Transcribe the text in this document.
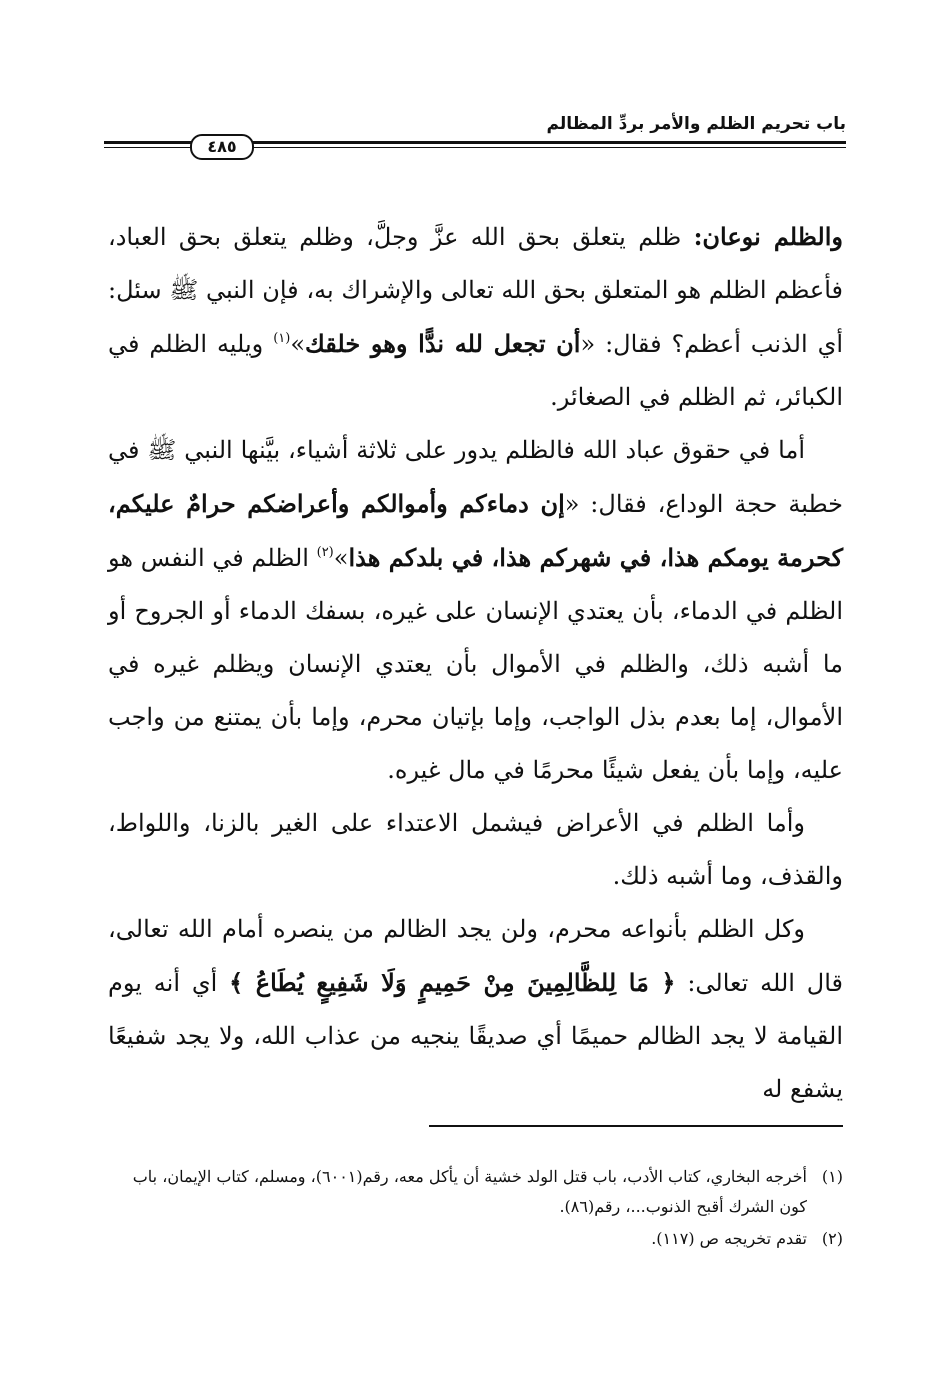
باب تحريم الظلم والأمر بردِّ المظالم
٤٨٥

والظلم نوعان: ظلم يتعلق بحق الله عزَّ وجلَّ، وظلم يتعلق بحق العباد، فأعظم الظلم هو المتعلق بحق الله تعالى والإشراك به، فإن النبي ﷺ سئل: أي الذنب أعظم؟ فقال: «أن تجعل لله ندًّا وهو خلقك»$^{(١)}$ ويليه الظلم في الكبائر، ثم الظلم في الصغائر.

أما في حقوق عباد الله فالظلم يدور على ثلاثة أشياء، بيَّنها النبي ﷺ في خطبة حجة الوداع، فقال: «إن دماءكم وأموالكم وأعراضكم حرامٌ عليكم، كحرمة يومكم هذا، في شهركم هذا، في بلدكم هذا»$^{(٢)}$ الظلم في النفس هو الظلم في الدماء، بأن يعتدي الإنسان على غيره، بسفك الدماء أو الجروح أو ما أشبه ذلك، والظلم في الأموال بأن يعتدي الإنسان ويظلم غيره في الأموال، إما بعدم بذل الواجب، وإما بإتيان محرم، وإما بأن يمتنع من واجب عليه، وإما بأن يفعل شيئًا محرمًا في مال غيره.

وأما الظلم في الأعراض فيشمل الاعتداء على الغير بالزنا، واللواط، والقذف، وما أشبه ذلك.

وكل الظلم بأنواعه محرم، ولن يجد الظالم من ينصره أمام الله تعالى، قال الله تعالى: ﴿ مَا لِلظَّالِمِينَ مِنْ حَمِيمٍ وَلَا شَفِيعٍ يُطَاعُ ﴾ أي أنه يوم القيامة لا يجد الظالم حميمًا أي صديقًا ينجيه من عذاب الله، ولا يجد شفيعًا يشفع له

(١)
أخرجه البخاري، كتاب الأدب، باب قتل الولد خشية أن يأكل معه، رقم(٦٠٠١)، ومسلم، كتاب الإيمان، باب كون الشرك أقبح الذنوب...، رقم(٨٦).

(٢)
تقدم تخريجه ص (١١٧).
